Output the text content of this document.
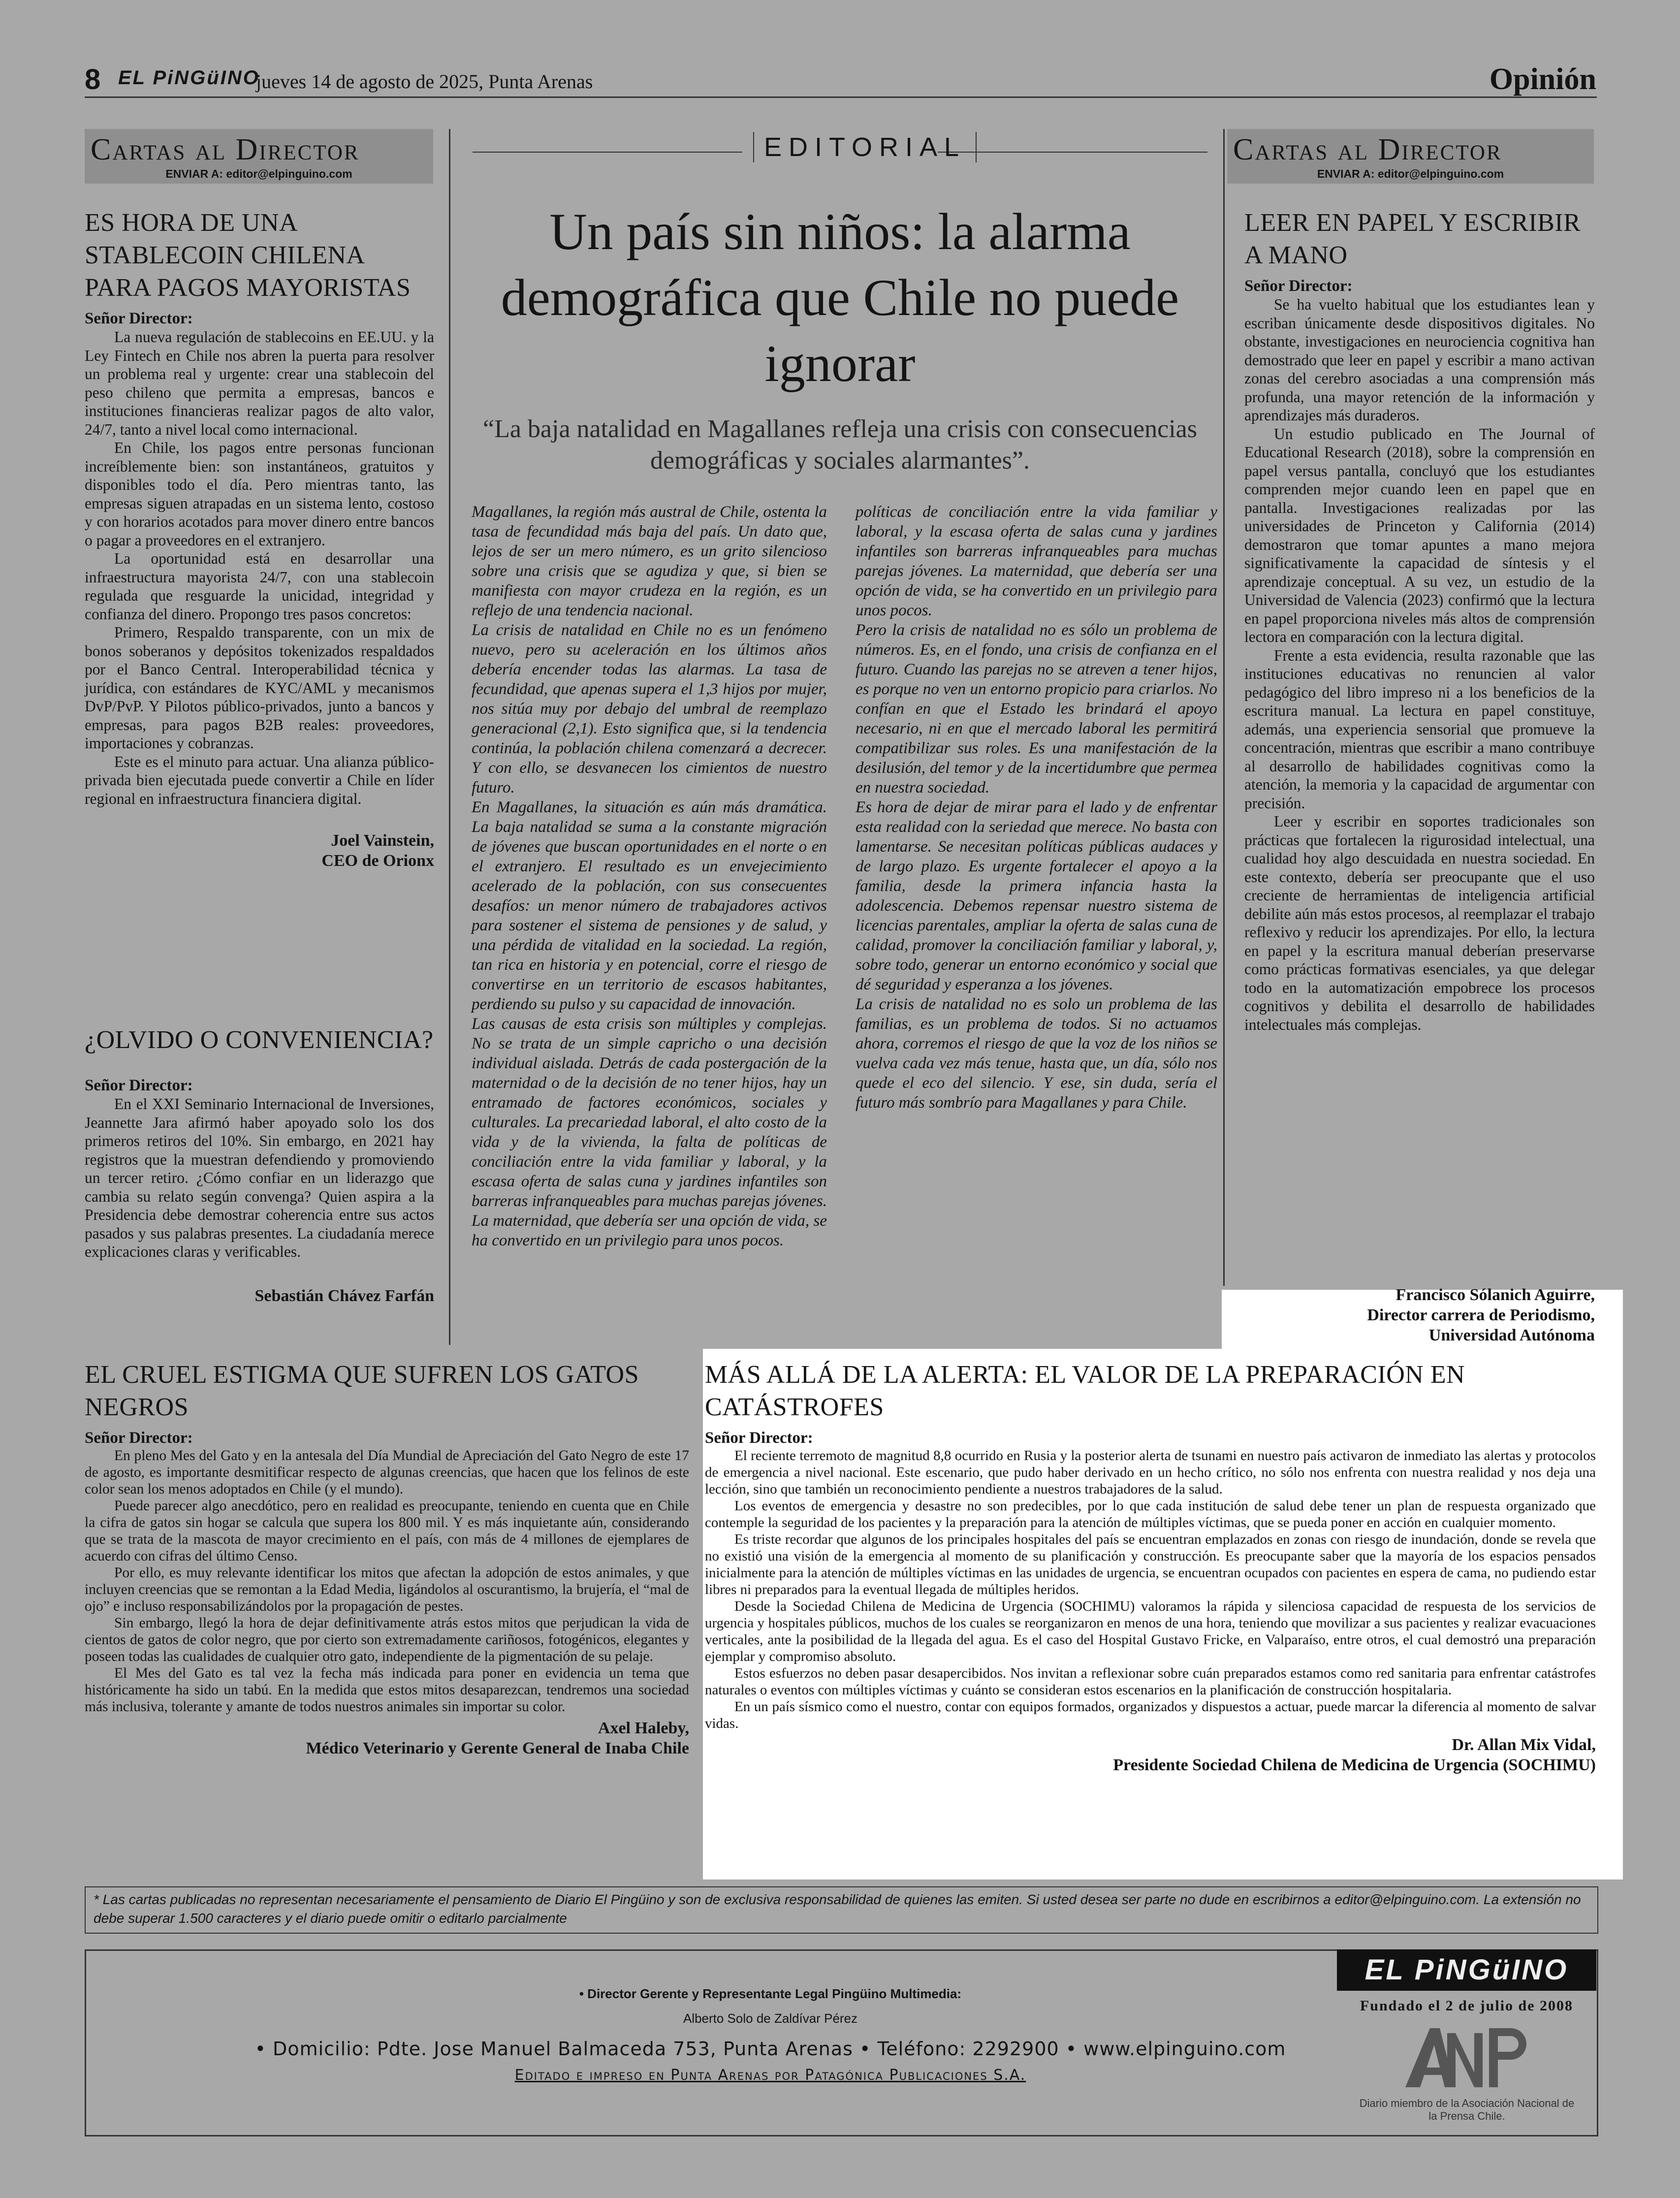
8 EL PiNGüINO
jueves 14 de agosto de 2025, Punta Arenas	Opinión
Cartas al Director
ENVIAR A: editor@elpinguino.com
ES HORA DE UNA STABLECOIN CHILENA PARA PAGOS MAYORISTAS
Señor Director:

La nueva regulación de stablecoins en EE.UU. y la Ley Fintech en Chile nos abren la puerta para resolver un problema real y urgente: crear una stablecoin del peso chileno que permita a empresas, bancos e instituciones financieras realizar pagos de alto valor, 24/7, tanto a nivel local como internacional.

En Chile, los pagos entre personas funcionan increíblemente bien: son instantáneos, gratuitos y disponibles todo el día. Pero mientras tanto, las empresas siguen atrapadas en un sistema lento, costoso y con horarios acotados para mover dinero entre bancos o pagar a proveedores en el extranjero.

La oportunidad está en desarrollar una infraestructura mayorista 24/7, con una stablecoin regulada que resguarde la unicidad, integridad y confianza del dinero. Propongo tres pasos concretos:

Primero, Respaldo transparente, con un mix de bonos soberanos y depósitos tokenizados respaldados por el Banco Central. Interoperabilidad técnica y jurídica, con estándares de KYC/AML y mecanismos DvP/PvP. Y Pilotos público-privados, junto a bancos y empresas, para pagos B2B reales: proveedores, importaciones y cobranzas.

Este es el minuto para actuar. Una alianza público-privada bien ejecutada puede convertir a Chile en líder regional en infraestructura financiera digital.

Joel Vainstein,
CEO de Orionx
¿OLVIDO O CONVENIENCIA?
Señor Director:

En el XXI Seminario Internacional de Inversiones, Jeannette Jara afirmó haber apoyado solo los dos primeros retiros del 10%. Sin embargo, en 2021 hay registros que la muestran defendiendo y promoviendo un tercer retiro. ¿Cómo confiar en un liderazgo que cambia su relato según convenga? Quien aspira a la Presidencia debe demostrar coherencia entre sus actos pasados y sus palabras presentes. La ciudadanía merece explicaciones claras y verificables.

Sebastián Chávez Farfán
EDITORIAL
Un país sin niños: la alarma demográfica que Chile no puede ignorar
“La baja natalidad en Magallanes refleja una crisis con consecuencias demográficas y sociales alarmantes”.

Magallanes, la región más austral de Chile, ostenta la tasa de fecundidad más baja del país. Un dato que, lejos de ser un mero número, es un grito silencioso sobre una crisis que se agudiza y que, si bien se manifiesta con mayor crudeza en la región, es un reflejo de una tendencia nacional.

La crisis de natalidad en Chile no es un fenómeno nuevo, pero su aceleración en los últimos años debería encender todas las alarmas. La tasa de fecundidad, que apenas supera el 1,3 hijos por mujer, nos sitúa muy por debajo del umbral de reemplazo generacional (2,1). Esto significa que, si la tendencia continúa, la población chilena comenzará a decrecer. Y con ello, se desvanecen los cimientos de nuestro futuro.

En Magallanes, la situación es aún más dramática. La baja natalidad se suma a la constante migración de jóvenes que buscan oportunidades en el norte o en el extranjero. El resultado es un envejecimiento acelerado de la población, con sus consecuentes desafíos: un menor número de trabajadores activos para sostener el sistema de pensiones y de salud, y una pérdida de vitalidad en la sociedad. La región, tan rica en historia y en potencial, corre el riesgo de convertirse en un territorio de escasos habitantes, perdiendo su pulso y su capacidad de innovación.

Las causas de esta crisis son múltiples y complejas. No se trata de un simple capricho o una decisión individual aislada. Detrás de cada postergación de la maternidad o de la decisión de no tener hijos, hay un entramado de factores económicos, sociales y culturales. La precariedad laboral, el alto costo de la vida y de la vivienda, la falta de políticas de conciliación entre la vida familiar y laboral, y la escasa oferta de salas cuna y jardines infantiles son barreras infranqueables para muchas parejas jóvenes. La maternidad, que debería ser una opción de vida, se ha convertido en un privilegio para unos pocos.

políticas de conciliación entre la vida familiar y laboral, y la escasa oferta de salas cuna y jardines infantiles son barreras infranqueables para muchas parejas jóvenes. La maternidad, que debería ser una opción de vida, se ha convertido en un privilegio para unos pocos.

Pero la crisis de natalidad no es sólo un problema de números. Es, en el fondo, una crisis de confianza en el futuro. Cuando las parejas no se atreven a tener hijos, es porque no ven un entorno propicio para criarlos. No confían en que el Estado les brindará el apoyo necesario, ni en que el mercado laboral les permitirá compatibilizar sus roles. Es una manifestación de la desilusión, del temor y de la incertidumbre que permea en nuestra sociedad.

Es hora de dejar de mirar para el lado y de enfrentar esta realidad con la seriedad que merece. No basta con lamentarse. Se necesitan políticas públicas audaces y de largo plazo. Es urgente fortalecer el apoyo a la familia, desde la primera infancia hasta la adolescencia. Debemos repensar nuestro sistema de licencias parentales, ampliar la oferta de salas cuna de calidad, promover la conciliación familiar y laboral, y, sobre todo, generar un entorno económico y social que dé seguridad y esperanza a los jóvenes.

La crisis de natalidad no es solo un problema de las familias, es un problema de todos. Si no actuamos ahora, corremos el riesgo de que la voz de los niños se vuelva cada vez más tenue, hasta que, un día, sólo nos quede el eco del silencio. Y ese, sin duda, sería el futuro más sombrío para Magallanes y para Chile.

Cartas al Director
ENVIAR A: editor@elpinguino.com
LEER EN PAPEL Y ESCRIBIR A MANO
Señor Director:

Se ha vuelto habitual que los estudiantes lean y escriban únicamente desde dispositivos digitales. No obstante, investigaciones en neurociencia cognitiva han demostrado que leer en papel y escribir a mano activan zonas del cerebro asociadas a una comprensión más profunda, una mayor retención de la información y aprendizajes más duraderos.

Un estudio publicado en The Journal of Educational Research (2018), sobre la comprensión en papel versus pantalla, concluyó que los estudiantes comprenden mejor cuando leen en papel que en pantalla. Investigaciones realizadas por las universidades de Princeton y California (2014) demostraron que tomar apuntes a mano mejora significativamente la capacidad de síntesis y el aprendizaje conceptual. A su vez, un estudio de la Universidad de Valencia (2023) confirmó que la lectura en papel proporciona niveles más altos de comprensión lectora en comparación con la lectura digital.

Frente a esta evidencia, resulta razonable que las instituciones educativas no renuncien al valor pedagógico del libro impreso ni a los beneficios de la escritura manual. La lectura en papel constituye, además, una experiencia sensorial que promueve la concentración, mientras que escribir a mano contribuye al desarrollo de habilidades cognitivas como la atención, la memoria y la capacidad de argumentar con precisión.

Leer y escribir en soportes tradicionales son prácticas que fortalecen la rigurosidad intelectual, una cualidad hoy algo descuidada en nuestra sociedad. En este contexto, debería ser preocupante que el uso creciente de herramientas de inteligencia artificial debilite aún más estos procesos, al reemplazar el trabajo reflexivo y reducir los aprendizajes. Por ello, la lectura en papel y la escritura manual deberían preservarse como prácticas formativas esenciales, ya que delegar todo en la automatización empobrece los procesos cognitivos y debilita el desarrollo de habilidades intelectuales más complejas.

Francisco Sólanich Aguirre,
Director carrera de Periodismo,
Universidad Autónoma
EL CRUEL ESTIGMA QUE SUFREN LOS GATOS NEGROS
Señor Director:

En pleno Mes del Gato y en la antesala del Día Mundial de Apreciación del Gato Negro de este 17 de agosto, es importante desmitificar respecto de algunas creencias, que hacen que los felinos de este color sean los menos adoptados en Chile (y el mundo).

Puede parecer algo anecdótico, pero en realidad es preocupante, teniendo en cuenta que en Chile la cifra de gatos sin hogar se calcula que supera los 800 mil. Y es más inquietante aún, considerando que se trata de la mascota de mayor crecimiento en el país, con más de 4 millones de ejemplares de acuerdo con cifras del último Censo.

Por ello, es muy relevante identificar los mitos que afectan la adopción de estos animales, y que incluyen creencias que se remontan a la Edad Media, ligándolos al oscurantismo, la brujería, el “mal de ojo” e incluso responsabilizándolos por la propagación de pestes.

Sin embargo, llegó la hora de dejar definitivamente atrás estos mitos que perjudican la vida de cientos de gatos de color negro, que por cierto son extremadamente cariñosos, fotogénicos, elegantes y poseen todas las cualidades de cualquier otro gato, independiente de la pigmentación de su pelaje.

El Mes del Gato es tal vez la fecha más indicada para poner en evidencia un tema que históricamente ha sido un tabú. En la medida que estos mitos desaparezcan, tendremos una sociedad más inclusiva, tolerante y amante de todos nuestros animales sin importar su color.

Axel Haleby,
Médico Veterinario y Gerente General de Inaba Chile
MÁS ALLÁ DE LA ALERTA: EL VALOR DE LA PREPARACIÓN EN CATÁSTROFES
Señor Director:

El reciente terremoto de magnitud 8,8 ocurrido en Rusia y la posterior alerta de tsunami en nuestro país activaron de inmediato las alertas y protocolos de emergencia a nivel nacional. Este escenario, que pudo haber derivado en un hecho crítico, no sólo nos enfrenta con nuestra realidad y nos deja una lección, sino que también un reconocimiento pendiente a nuestros trabajadores de la salud.

Los eventos de emergencia y desastre no son predecibles, por lo que cada institución de salud debe tener un plan de respuesta organizado que contemple la seguridad de los pacientes y la preparación para la atención de múltiples víctimas, que se pueda poner en acción en cualquier momento.

Es triste recordar que algunos de los principales hospitales del país se encuentran emplazados en zonas con riesgo de inundación, donde se revela que no existió una visión de la emergencia al momento de su planificación y construcción. Es preocupante saber que la mayoría de los espacios pensados inicialmente para la atención de múltiples víctimas en las unidades de urgencia, se encuentran ocupados con pacientes en espera de cama, no pudiendo estar libres ni preparados para la eventual llegada de múltiples heridos.

Desde la Sociedad Chilena de Medicina de Urgencia (SOCHIMU) valoramos la rápida y silenciosa capacidad de respuesta de los servicios de urgencia y hospitales públicos, muchos de los cuales se reorganizaron en menos de una hora, teniendo que movilizar a sus pacientes y realizar evacuaciones verticales, ante la posibilidad de la llegada del agua. Es el caso del Hospital Gustavo Fricke, en Valparaíso, entre otros, el cual demostró una preparación ejemplar y compromiso absoluto.

Estos esfuerzos no deben pasar desapercibidos. Nos invitan a reflexionar sobre cuán preparados estamos como red sanitaria para enfrentar catástrofes naturales o eventos con múltiples víctimas y cuánto se consideran estos escenarios en la planificación de construcción hospitalaria.

En un país sísmico como el nuestro, contar con equipos formados, organizados y dispuestos a actuar, puede marcar la diferencia al momento de salvar vidas.

Dr. Allan Mix Vidal,
Presidente Sociedad Chilena de Medicina de Urgencia (SOCHIMU)
* Las cartas publicadas no representan necesariamente el pensamiento de Diario El Pingüino y son de exclusiva responsabilidad de quienes las emiten. Si usted desea ser parte no dude en escribirnos a editor@elpinguino.com. La extensión no debe superar 1.500 caracteres y el diario puede omitir o editarlo parcialmente
• Director Gerente y Representante Legal Pingüino Multimedia:
Alberto Solo de Zaldívar Pérez
• Domicilio: Pdte. Jose Manuel Balmaceda 753, Punta Arenas • Teléfono: 2292900 • www.elpinguino.com
Editado e impreso en Punta Arenas por Patagónica Publicaciones S.A.
EL PiNGüINO
Fundado el 2 de julio de 2008
Diario miembro de la Asociación Nacional de la Prensa Chile.
